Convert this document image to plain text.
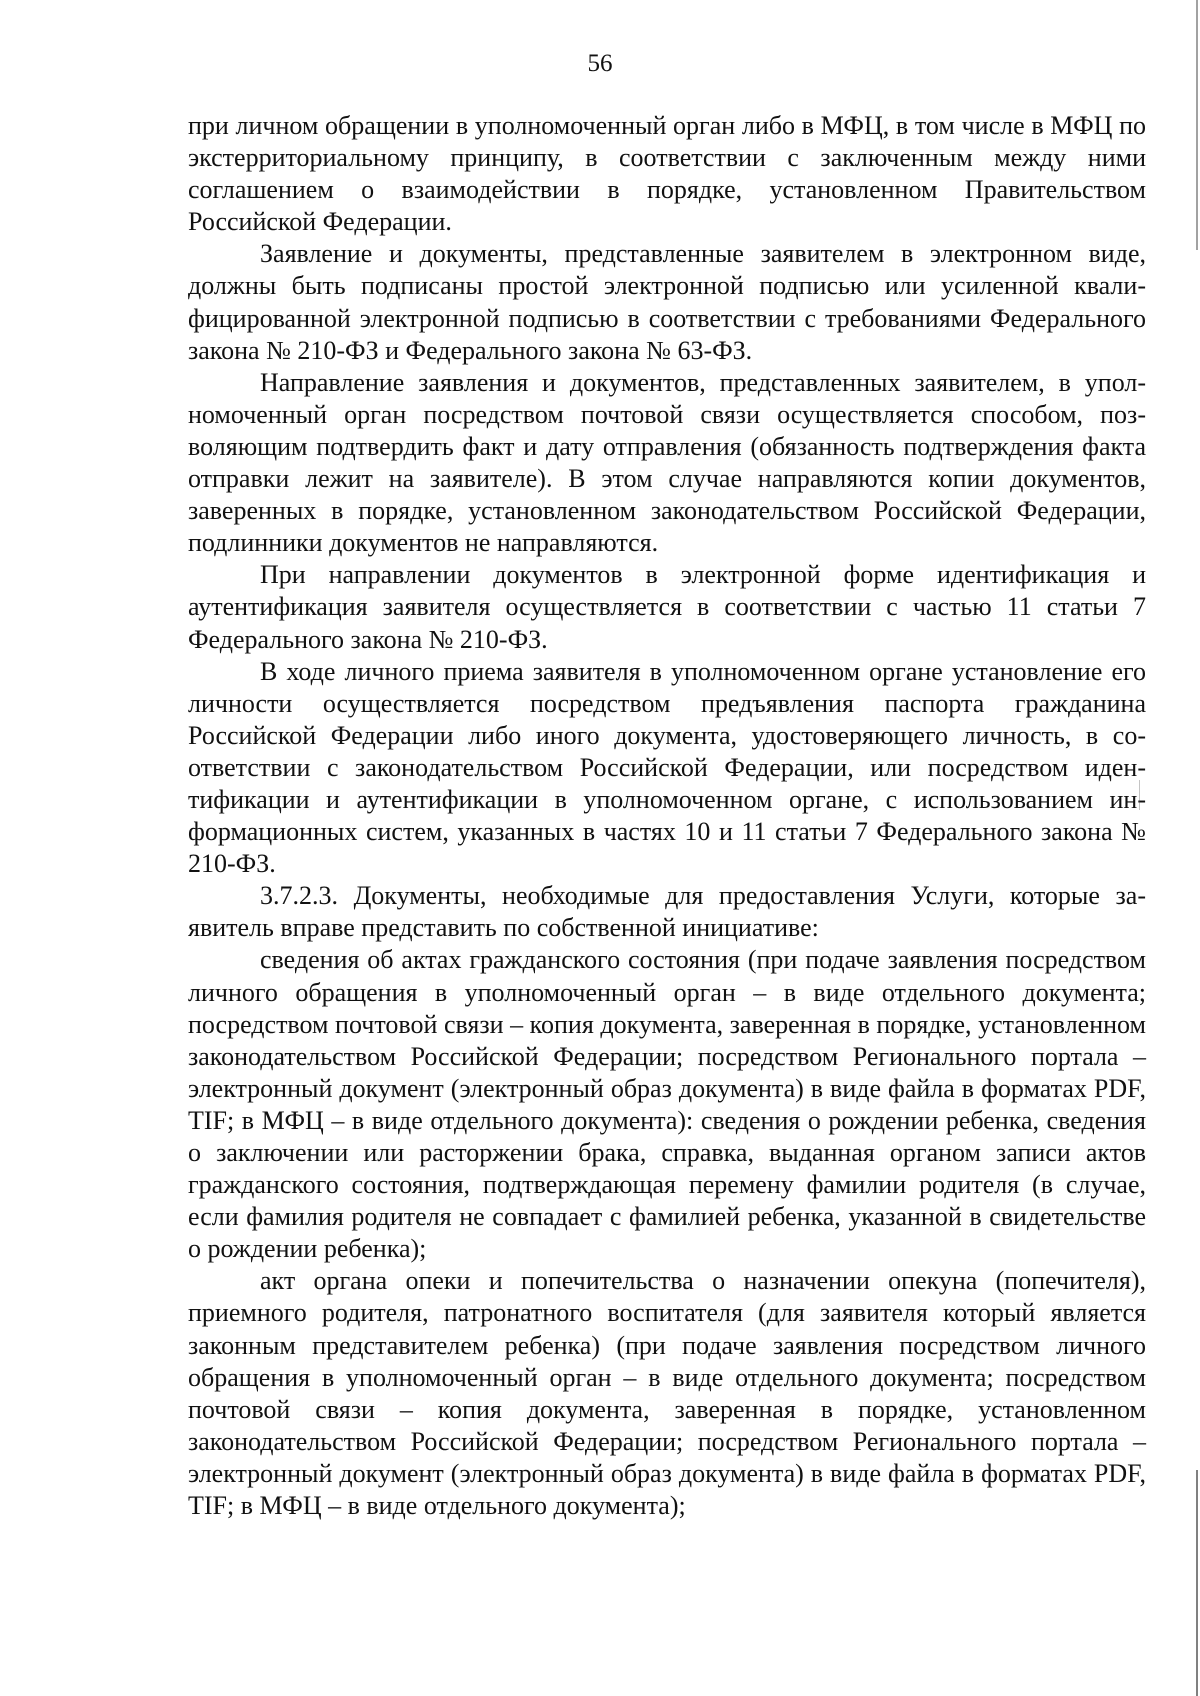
56

при личном обращении в уполномоченный орган либо в МФЦ, в том числе в МФЦ по экстерриториальному принципу, в соответствии с заключенным между ними соглашением о взаимодействии в порядке, установленном Правительством Российской Федерации.

Заявление и документы, представленные заявителем в электронном виде, должны быть подписаны простой электронной подписью или усиленной квалифицированной электронной подписью в соответствии с требованиями Федерального закона № 210-ФЗ и Федерального закона № 63-ФЗ.

Направление заявления и документов, представленных заявителем, в уполномоченный орган посредством почтовой связи осуществляется способом, позволяющим подтвердить факт и дату отправления (обязанность подтверждения факта отправки лежит на заявителе). В этом случае направляются копии документов, заверенных в порядке, установленном законодательством Российской Федерации, подлинники документов не направляются.

При направлении документов в электронной форме идентификация и аутентификация заявителя осуществляется в соответствии с частью 11 статьи 7 Федерального закона № 210-ФЗ.

В ходе личного приема заявителя в уполномоченном органе установление его личности осуществляется посредством предъявления паспорта гражданина Российской Федерации либо иного документа, удостоверяющего личность, в соответствии с законодательством Российской Федерации, или посредством идентификации и аутентификации в уполномоченном органе, с использованием информационных систем, указанных в частях 10 и 11 статьи 7 Федерального закона № 210-ФЗ.

3.7.2.3. Документы, необходимые для предоставления Услуги, которые заявитель вправе представить по собственной инициативе:

сведения об актах гражданского состояния (при подаче заявления посредством личного обращения в уполномоченный орган – в виде отдельного документа; посредством почтовой связи – копия документа, заверенная в порядке, установленном законодательством Российской Федерации; посредством Регионального портала – электронный документ (электронный образ документа) в виде файла в форматах PDF, TIF; в МФЦ – в виде отдельного документа): сведения о рождении ребенка, сведения о заключении или расторжении брака, справка, выданная органом записи актов гражданского состояния, подтверждающая перемену фамилии родителя (в случае, если фамилия родителя не совпадает с фамилией ребенка, указанной в свидетельстве о рождении ребенка);

акт органа опеки и попечительства о назначении опекуна (попечителя), приемного родителя, патронатного воспитателя (для заявителя который является законным представителем ребенка) (при подаче заявления посредством личного обращения в уполномоченный орган – в виде отдельного документа; посредством почтовой связи – копия документа, заверенная в порядке, установленном законодательством Российской Федерации; посредством Регионального портала – электронный документ (электронный образ документа) в виде файла в форматах PDF, TIF; в МФЦ – в виде отдельного документа);
